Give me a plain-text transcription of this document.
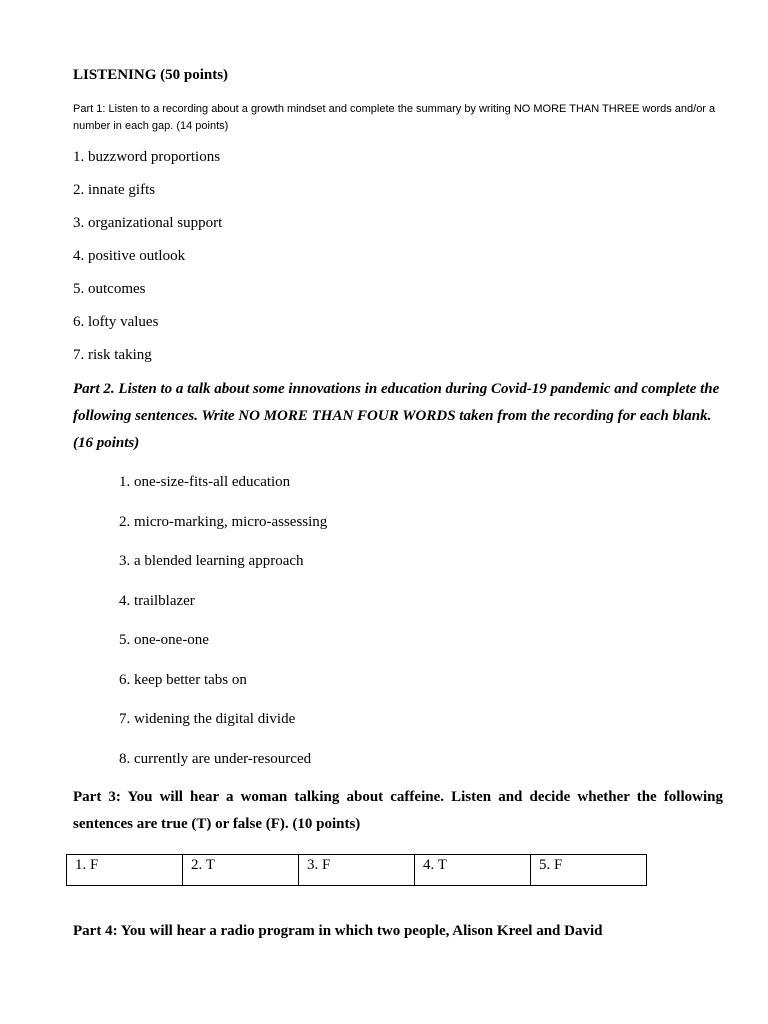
LISTENING (50 points)
Part 1: Listen to a recording about a growth mindset and complete the summary by writing NO MORE THAN THREE words and/or a number in each gap. (14 points)
1. buzzword proportions
2. innate gifts
3. organizational support
4. positive outlook
5. outcomes
6. lofty values
7. risk taking
Part 2. Listen to a talk about some innovations in education during Covid-19 pandemic and complete the following sentences. Write NO MORE THAN FOUR WORDS taken from the recording for each blank. (16 points)
1. one-size-fits-all education
2. micro-marking, micro-assessing
3. a blended learning approach
4. trailblazer
5. one-one-one
6. keep better tabs on
7. widening the digital divide
8. currently are under-resourced
Part 3: You will hear a woman talking about caffeine. Listen and decide whether the following sentences are true (T) or false (F). (10 points)
1. F	2. T	3. F	4. T	5. F
Part 4: You will hear a radio program in which two people, Alison Kreel and David
